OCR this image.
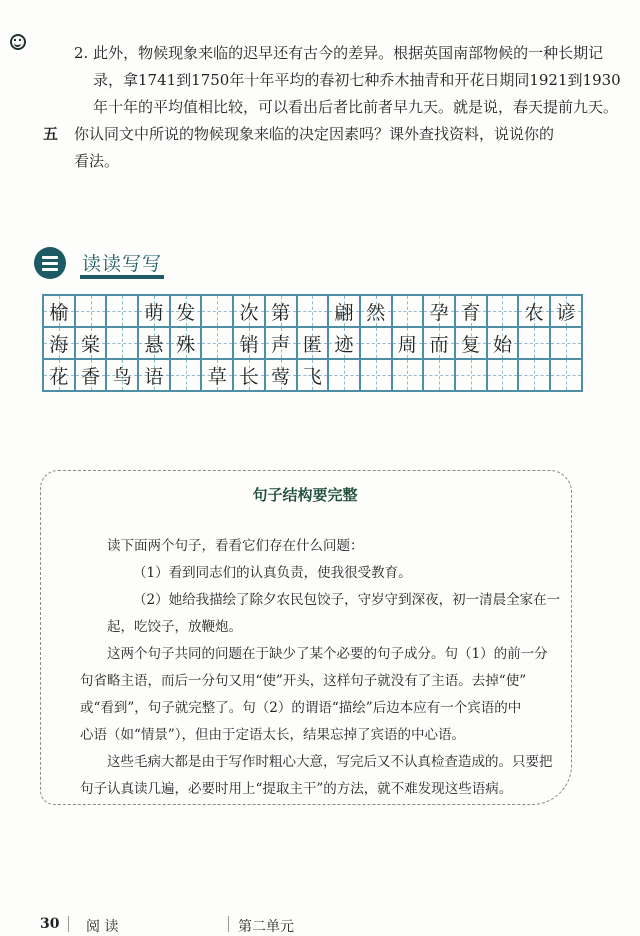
2. 此外，物候现象来临的迟早还有古今的差异。根据英国南部物候的一种长期记
录，拿1741到1750年十年平均的春初七种乔木抽青和开花日期同1921到1930
年十年的平均值相比较，可以看出后者比前者早九天。就是说，春天提前九天。
五 你认同文中所说的物候现象来临的决定因素吗？课外查找资料，说说你的
看法。
读读写写
榆	萌 发 次 第 翩 然 孕 育 农 谚
海 棠 悬 殊 销 声 匿 迹 周 而 复 始
花 香 鸟 语 草 长 莺 飞
句子结构要完整
读下面两个句子，看看它们存在什么问题：
（1）看到同志们的认真负责，使我很受教育。
（2）她给我描绘了除夕农民包饺子，守岁守到深夜，初一清晨全家在一
起，吃饺子，放鞭炮。
这两个句子共同的问题在于缺少了某个必要的句子成分。句（1）的前一分
句省略主语，而后一分句又用“使”开头，这样句子就没有了主语。去掉“使”
或“看到”，句子就完整了。句（2）的谓语“描绘”后边本应有一个宾语的中
心语（如“情景”），但由于定语太长，结果忘掉了宾语的中心语。
这些毛病大都是由于写作时粗心大意，写完后又不认真检查造成的。只要把
句子认真读几遍，必要时用上“提取主干”的方法，就不难发现这些语病。
30 阅 读	第二单元
